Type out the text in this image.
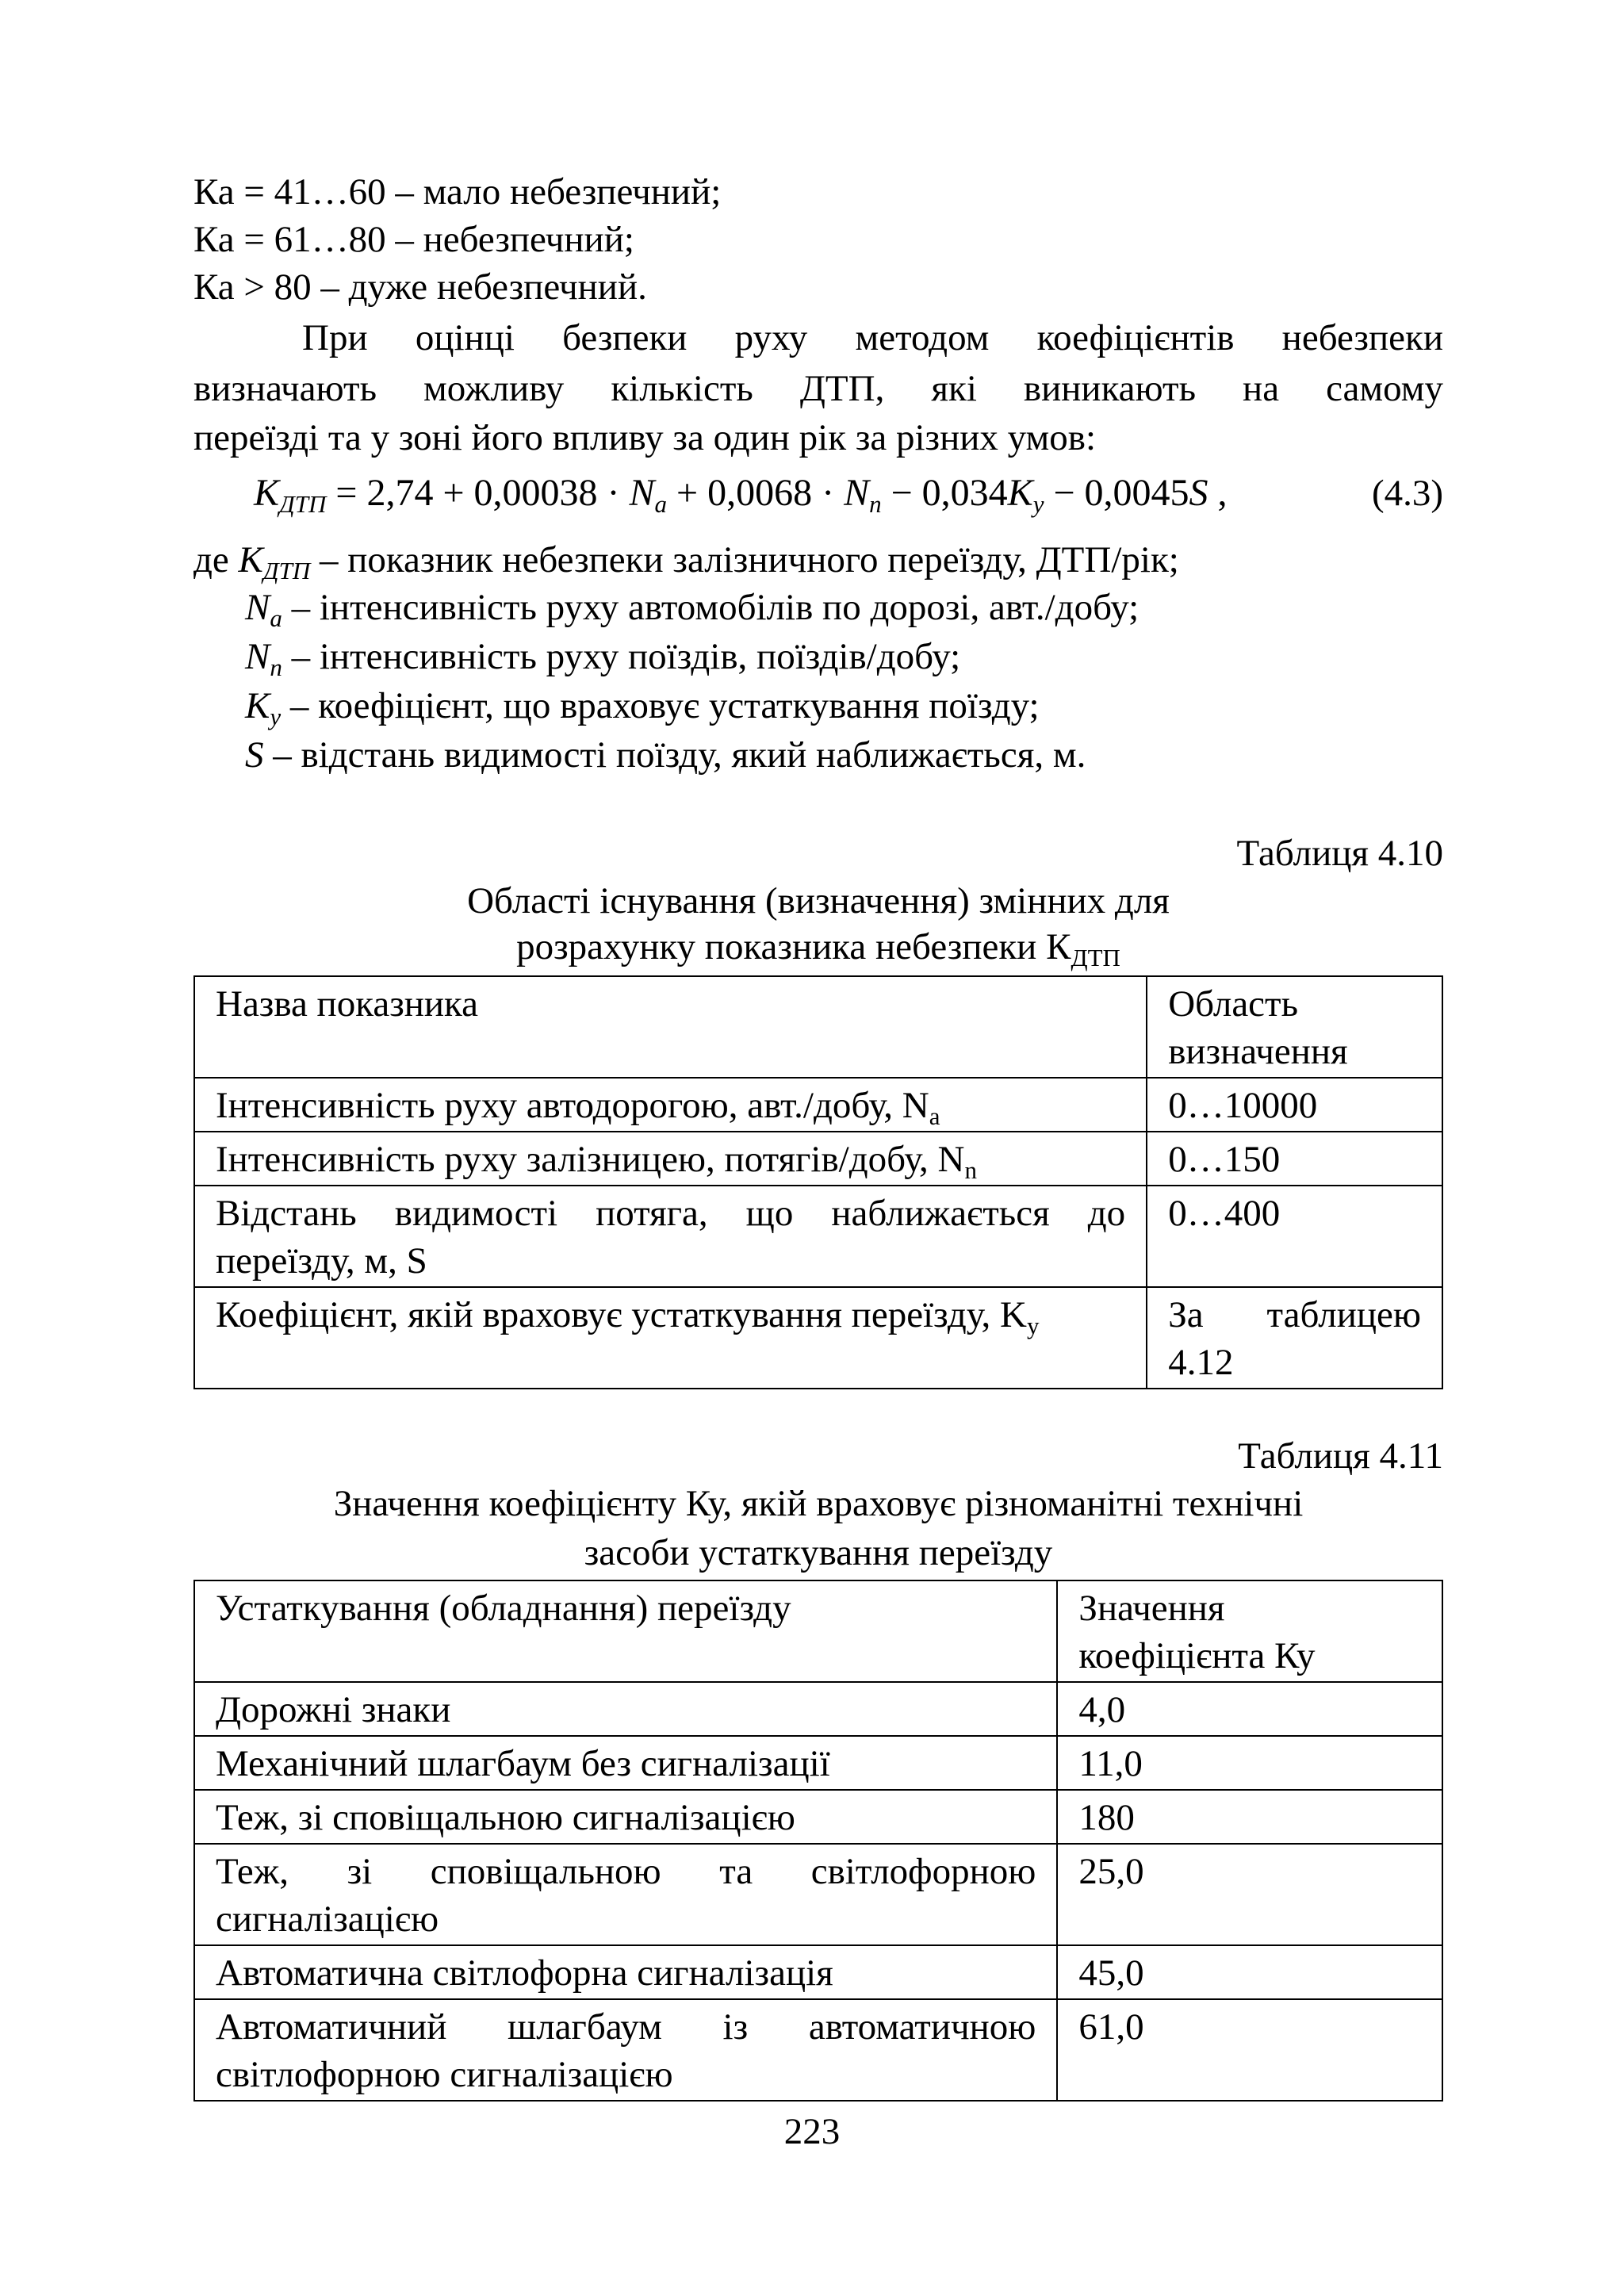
Ка = 41…60 – мало небезпечний;
Ка = 61…80 – небезпечний;
Ка > 80 – дуже небезпечний.
При оцінці безпеки руху методом коефіцієнтів небезпеки
визначають можливу кількість ДТП, які виникають на самому
переїзді та у зоні його впливу за один рік за різних умов:
$K_{ДТП} = 2,74 + 0,00038 \cdot N_a + 0,0068 \cdot N_n - 0,034K_y - 0,0045S$ ,	(4.3)
де $K_{ДТП}$ – показник небезпеки залізничного переїзду, ДТП/рік;
$N_a$ – інтенсивність руху автомобілів по дорозі, авт./добу;
$N_n$ – інтенсивність руху поїздів, поїздів/добу;
$K_y$ – коефіцієнт, що враховує устаткування поїзду;
S – відстань видимості поїзду, який наближається, м.
Таблиця 4.10
Області існування (визначення) змінних для
розрахунку показника небезпеки $К_{ДТП}$
Назва показника	Область
визначення

Інтенсивність руху автодорогою, авт./добу, $N_a$	0…10000
Інтенсивність руху залізницею, потягів/добу, $N_n$	0…150
Відстань видимості потяга, що наближається до переїзду, м, S	0…400
Коефіцієнт, якій враховує устаткування переїзду, $K_y$	За таблицею 4.12
Таблиця 4.11
Значення коефіцієнту Ку, якій враховує різноманітні технічні
засоби устаткування переїзду
Устаткування (обладнання) переїзду	Значення
коефіцієнта Ку

Дорожні знаки	4,0
Механічний шлагбаум без сигналізації	11,0
Теж, зі сповіщальною сигналізацією	180
Теж, зі сповіщальною та світлофорною сигналізацією	25,0
Автоматична світлофорна сигналізація	45,0
Автоматичний шлагбаум із автоматичною світлофорною сигналізацією	61,0
223
